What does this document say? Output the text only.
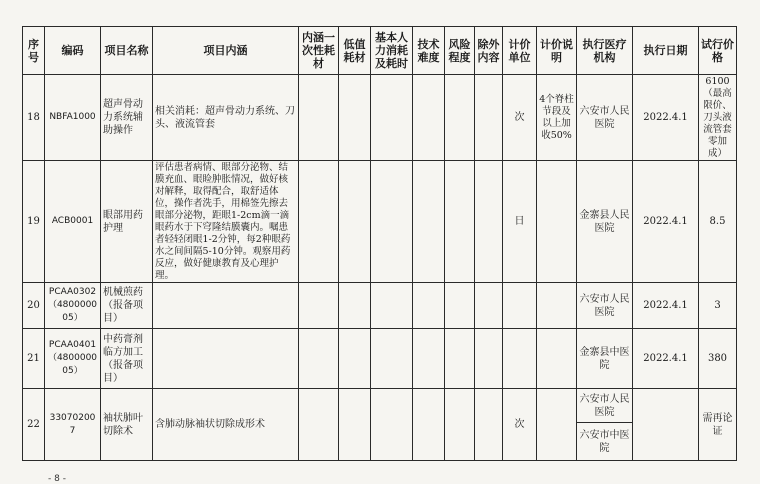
序号	编码	项目名称	项目内涵	内涵一次性耗材	低值耗材	基本人力消耗及耗时	技术难度	风险程度	除外内容	计价单位	计价说明	执行医疗机构	执行日期	试行价格
18	NBFA1000	超声骨动力系统辅助操作	相关消耗：超声骨动力系统、刀头、液流管套							次	4个脊柱节段及以上加收50%	六安市人民医院	2022.4.1	6100（最高限价、刀头液流管套零加成）
19	ACB0001	眼部用药护理	评估患者病情、眼部分泌物、结膜充血、眼睑肿胀情况，做好核对解释，取得配合，取舒适体位，操作者洗手，用棉签先擦去眼部分泌物，距眼1-2cm滴一滴眼药水于下穹隆结膜囊内。嘱患者轻轻闭眼1-2分钟，每2种眼药水之间间隔5-10分钟。观察用药反应，做好健康教育及心理护理。							日		金寨县人民医院	2022.4.1	8.5
20	PCAA0302（480000005）	机械煎药（报备项目）										六安市人民医院	2022.4.1	3
21	PCAA0401（480000005）	中药膏剂临方加工（报备项目）										金寨县中医院	2022.4.1	380
22	330702007	袖状肺叶切除术	含肺动脉袖状切除成形术							次		六安市人民医院		需再论证
												六安市中医院		
- 8 -
